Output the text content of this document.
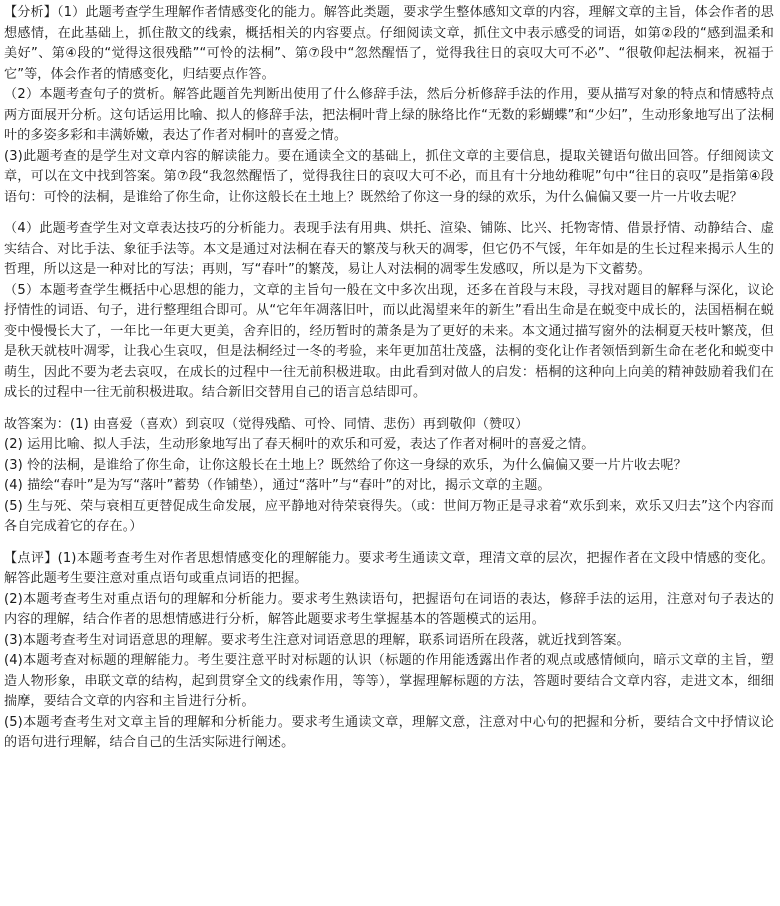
【分析】（1）此题考查学生理解作者情感变化的能力。解答此类题，要求学生整体感知文章的内容，理解文章的主旨，体会作者的思想感情，在此基础上，抓住散文的线索，概括相关的内容要点。仔细阅读文章，抓住文中表示感受的词语，如第②段的“感到温柔和美好”、第④段的“觉得这很残酷”“可怜的法桐”、第⑦段中“忽然醒悟了，觉得我往日的哀叹大可不必”、“很敬仰起法桐来，祝福于它”等，体会作者的情感变化，归结要点作答。

（2）本题考查句子的赏析。解答此题首先判断出使用了什么修辞手法，然后分析修辞手法的作用，要从描写对象的特点和情感特点两方面展开分析。这句话运用比喻、拟人的修辞手法，把法桐叶背上绿的脉络比作“无数的彩蝴蝶”和“少妇”，生动形象地写出了法桐叶的多姿多彩和丰满娇嫩，表达了作者对桐叶的喜爱之情。

(3)此题考查的是学生对文章内容的解读能力。要在通读全文的基础上，抓住文章的主要信息，提取关键语句做出回答。仔细阅读文章，可以在文中找到答案。第⑦段“我忽然醒悟了，觉得我往日的哀叹大可不必，而且有十分地幼稚呢”句中“往日的哀叹”是指第④段语句：可怜的法桐，是谁给了你生命，让你这般长在土地上？既然给了你这一身的绿的欢乐，为什么偏偏又要一片一片收去呢？

（4）此题考查学生对文章表达技巧的分析能力。表现手法有用典、烘托、渲染、铺陈、比兴、托物寄情、借景抒情、动静结合、虚实结合、对比手法、象征手法等。本文是通过对法桐在春天的繁茂与秋天的凋零，但它仍不气馁，年年如是的生长过程来揭示人生的哲理，所以这是一种对比的写法；再则，写“春叶”的繁茂，易让人对法桐的凋零生发感叹，所以是为下文蓄势。

（5）本题考查学生概括中心思想的能力，文章的主旨句一般在文中多次出现，还多在首段与末段，寻找对题目的解释与深化，议论抒情性的词语、句子，进行整理组合即可。从“它年年凋落旧叶，而以此渴望来年的新生”看出生命是在蜕变中成长的，法国梧桐在蜕变中慢慢长大了，一年比一年更大更美，舍弃旧的，经历暂时的萧条是为了更好的未来。本文通过描写窗外的法桐夏天枝叶繁茂，但是秋天就枝叶凋零，让我心生哀叹，但是法桐经过一冬的考验，来年更加茁壮茂盛，法桐的变化让作者领悟到新生命在老化和蜕变中萌生，因此不要为老去哀叹，在成长的过程中一往无前积极进取。由此看到对做人的启发：梧桐的这种向上向美的精神鼓励着我们在成长的过程中一往无前积极进取。结合新旧交替用自己的语言总结即可。

故答案为：(1) 由喜爱（喜欢）到哀叹（觉得残酷、可怜、同情、悲伤）再到敬仰（赞叹）

(2) 运用比喻、拟人手法，生动形象地写出了春天桐叶的欢乐和可爱，表达了作者对桐叶的喜爱之情。

(3) 怜的法桐，是谁给了你生命，让你这般长在土地上？既然给了你这一身绿的欢乐，为什么偏偏又要一片片收去呢？

(4) 描绘“春叶”是为写“落叶”蓄势（作铺垫），通过“落叶”与“春叶”的对比，揭示文章的主题。

(5) 生与死、荣与衰相互更替促成生命发展，应平静地对待荣衰得失。（或：世间万物正是寻求着“欢乐到来，欢乐又归去”这个内容而各自完成着它的存在。）

【点评】(1)本题考查考生对作者思想情感变化的理解能力。要求考生通读文章，理清文章的层次，把握作者在文段中情感的变化。解答此题考生要注意对重点语句或重点词语的把握。

(2)本题考查考生对重点语句的理解和分析能力。要求考生熟读语句，把握语句在词语的表达，修辞手法的运用，注意对句子表达的内容的理解，结合作者的思想情感进行分析，解答此题要求考生掌握基本的答题模式的运用。

(3)本题考查考生对词语意思的理解。要求考生注意对词语意思的理解，联系词语所在段落，就近找到答案。

(4)本题考查对标题的理解能力。考生要注意平时对标题的认识（标题的作用能透露出作者的观点或感情倾向，暗示文章的主旨，塑造人物形象，串联文章的结构，起到贯穿全文的线索作用，等等），掌握理解标题的方法，答题时要结合文章内容，走进文本，细细揣摩，要结合文章的内容和主旨进行分析。

(5)本题考查考生对文章主旨的理解和分析能力。要求考生通读文章，理解文意，注意对中心句的把握和分析，要结合文中抒情议论的语句进行理解，结合自己的生活实际进行阐述。
